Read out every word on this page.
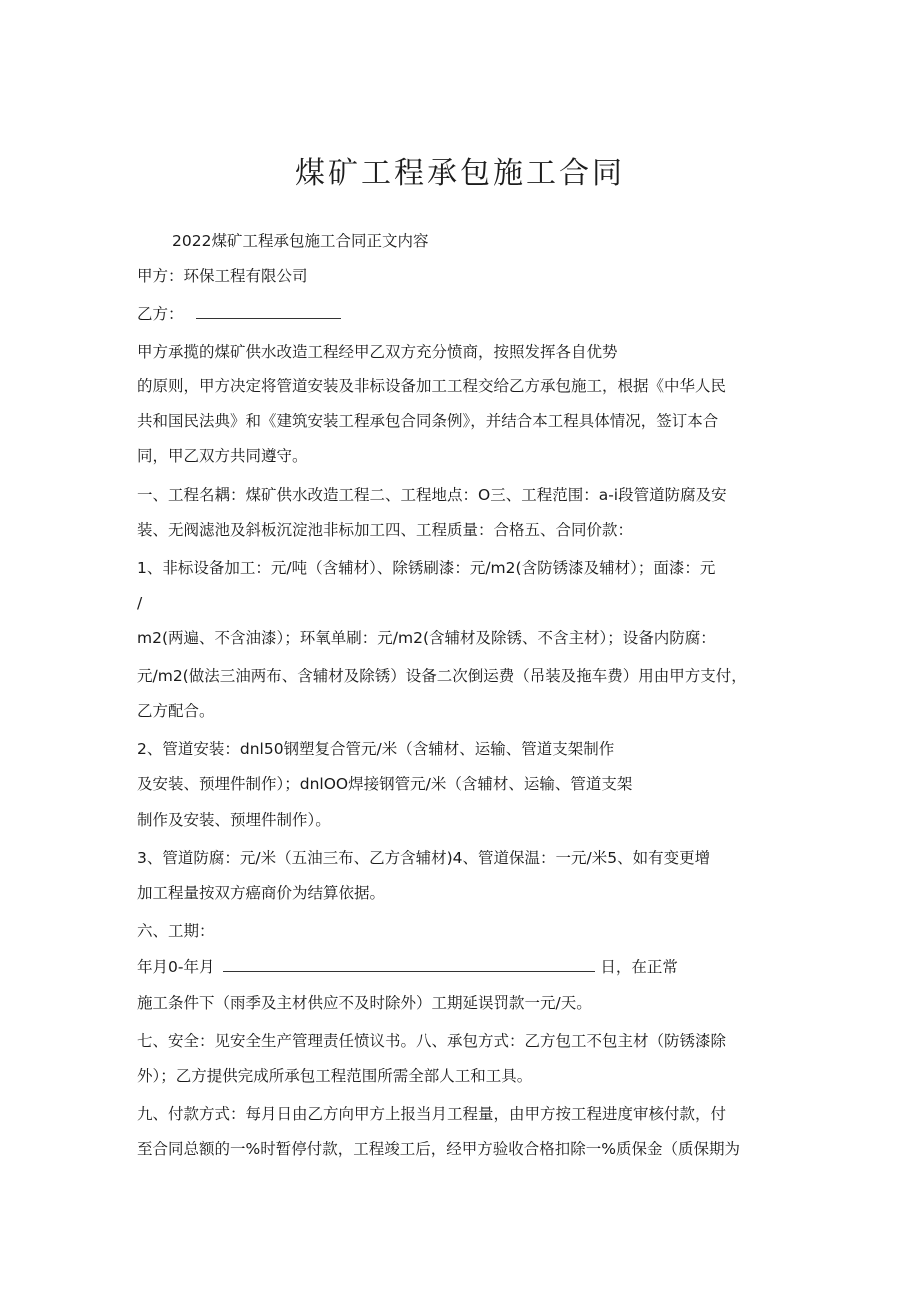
煤矿工程承包施工合同
2022煤矿工程承包施工合同正文内容
甲方：环保工程有限公司
乙方：
甲方承揽的煤矿供水改造工程经甲乙双方充分愤商，按照发挥各自优势
的原则，甲方决定将管道安装及非标设备加工工程交给乙方承包施工，根据《中华人民
共和国民法典》和《建筑安装工程承包合同条例》，并结合本工程具体情况，签订本合
同，甲乙双方共同遵守。
一、工程名耦：煤矿供水改造工程二、工程地点：O三、工程范围：a-i段管道防腐及安
装、无阀滤池及斜板沉淀池非标加工四、工程质量：合格五、合同价款：
1、非标设备加工：元/吨（含辅材）、除锈刷漆：元∕m2(含防锈漆及辅材）；面漆：元
/
m2(两遍、不含油漆）；环氧单刷：元∕m2(含辅材及除锈、不含主材）；设备内防腐：
元∕m2(做法三油两布、含辅材及除锈）设备二次倒运费（吊装及拖车费）用由甲方支付，
乙方配合。
2、管道安装：dnl50钢塑复合管元/米（含辅材、运输、管道支架制作
及安装、预埋件制作）；dnlOO焊接钢管元/米（含辅材、运输、管道支架
制作及安装、预埋件制作）。
3、管道防腐：元/米（五油三布、乙方含辅材)4、管道保温：一元/米5、如有变更增
加工程量按双方癌商价为结算依据。
六、工期：
年月0-年月	日，在正常
施工条件下（雨季及主材供应不及时除外）工期延误罚款一元/天。
七、安全：见安全生产管理责任愤议书。八、承包方式：乙方包工不包主材（防锈漆除
外）；乙方提供完成所承包工程范围所需全部人工和工具。
九、付款方式：每月日由乙方向甲方上报当月工程量，由甲方按工程进度审核付款，付
至合同总额的一%时暂停付款，工程竣工后，经甲方验收合格扣除一%质保金（质保期为
